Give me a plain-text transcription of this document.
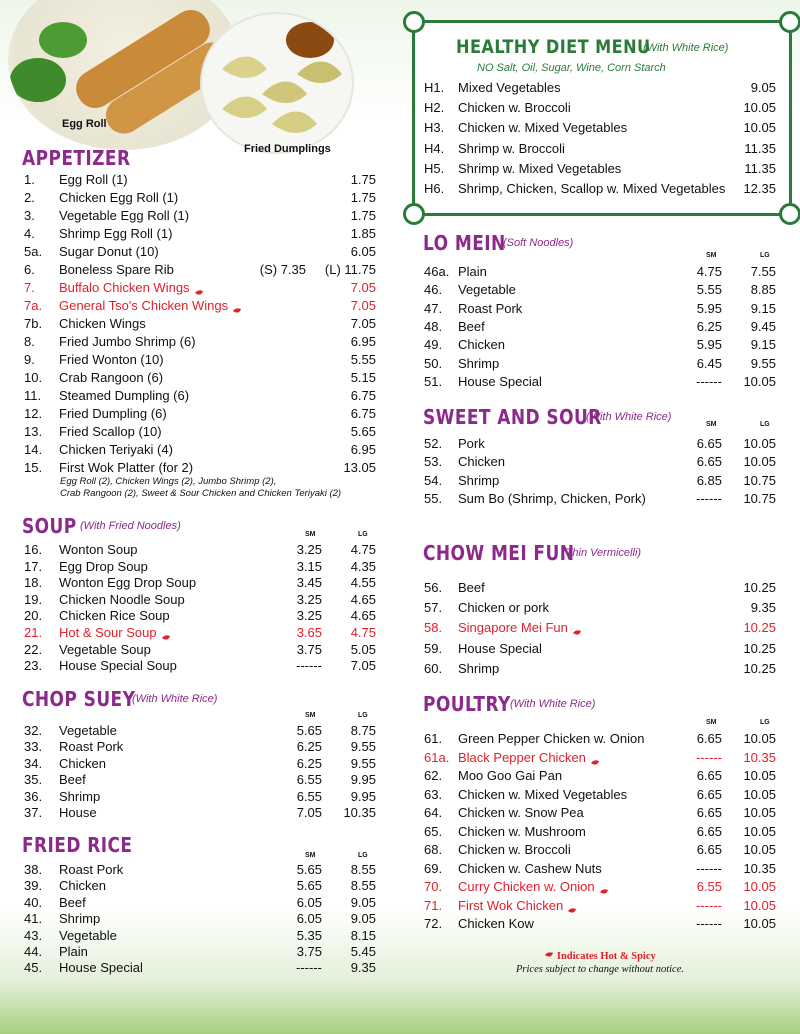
Egg Roll
Fried Dumplings
APPETIZER
1. Egg Roll (1)	1.75
2. Chicken Egg Roll (1)	1.75
3. Vegetable Egg Roll (1)	1.75
4. Shrimp Egg Roll (1)	1.85
5a. Sugar Donut (10)	6.05
6. Boneless Spare Rib	(S) 7.35	(L) 11.75
7. Buffalo Chicken Wings	7.05
7a. General Tso's Chicken Wings	7.05
7b. Chicken Wings	7.05
8. Fried Jumbo Shrimp (6)	6.95
9. Fried Wonton (10)	5.55
10. Crab Rangoon (6)	5.15
11. Steamed Dumpling (6)	6.75
12. Fried Dumpling (6)	6.75
13. Fried Scallop (10)	5.65
14. Chicken Teriyaki (4)	6.95
15. First Wok Platter (for 2)	13.05
Egg Roll (2), Chicken Wings (2), Jumbo Shrimp (2),
Crab Rangoon (2), Sweet & Sour Chicken and Chicken Teriyaki (2)
SOUP (With Fried Noodles)
SM	LG
16. Wonton Soup	3.25	4.75
17. Egg Drop Soup	3.15	4.35
18. Wonton Egg Drop Soup	3.45	4.55
19. Chicken Noodle Soup	3.25	4.65
20. Chicken Rice Soup	3.25	4.65
21. Hot & Sour Soup	3.65	4.75
22. Vegetable Soup	3.75	5.05
23. House Special Soup	------	7.05
CHOP SUEY
(With White Rice)
SM	LG
32. Vegetable	5.65	8.75
33. Roast Pork	6.25	9.55
34. Chicken	6.25	9.55
35. Beef	6.55	9.95
36. Shrimp	6.55	9.95
37. House	7.05	10.35
FRIED RICE	SM	LG
38. Roast Pork	5.65	8.55
39. Chicken	5.65	8.55
40. Beef	6.05	9.05
41. Shrimp	6.05	9.05
43. Vegetable	5.35	8.15
44. Plain	3.75	5.45
45. House Special	------	9.35
HEALTHY DIET MENU
(With White Rice)
NO Salt, Oil, Sugar, Wine, Corn Starch
H1. Mixed Vegetables	9.05
H2. Chicken w. Broccoli	10.05
H3. Chicken w. Mixed Vegetables	10.05
H4. Shrimp w. Broccoli	11.35
H5. Shrimp w. Mixed Vegetables	11.35
H6. Shrimp, Chicken, Scallop w. Mixed Vegetables	12.35
LO MEIN
(Soft Noodles)
SM	LG
46a. Plain	4.75	7.55
46. Vegetable	5.55	8.85
47. Roast Pork	5.95	9.15
48. Beef	6.25	9.45
49. Chicken	5.95	9.15
50. Shrimp	6.45	9.55
51. House Special	------	10.05
SWEET AND SOUR
(With White Rice)
SM	LG
52. Pork	6.65	10.05
53. Chicken	6.65	10.05
54. Shrimp	6.85	10.75
55. Sum Bo (Shrimp, Chicken, Pork)	------	10.75
CHOW MEI FUN
(Thin Vermicelli)
56. Beef	10.25
57. Chicken or pork	9.35
58. Singapore Mei Fun	10.25
59. House Special	10.25
60. Shrimp	10.25
POULTRY (With White Rice)
SM	LG
61. Green Pepper Chicken w. Onion	6.65	10.05
61a. Black Pepper Chicken	------	10.35
62. Moo Goo Gai Pan	6.65	10.05
63. Chicken w. Mixed Vegetables	6.65	10.05
64. Chicken w. Snow Pea	6.65	10.05
65. Chicken w. Mushroom	6.65	10.05
68. Chicken w. Broccoli	6.65	10.05
69. Chicken w. Cashew Nuts	------	10.35
70. Curry Chicken w. Onion	6.55	10.05
71. First Wok Chicken	------	10.05
72. Chicken Kow	------	10.05
Indicates Hot & Spicy
Prices subject to change without notice.
